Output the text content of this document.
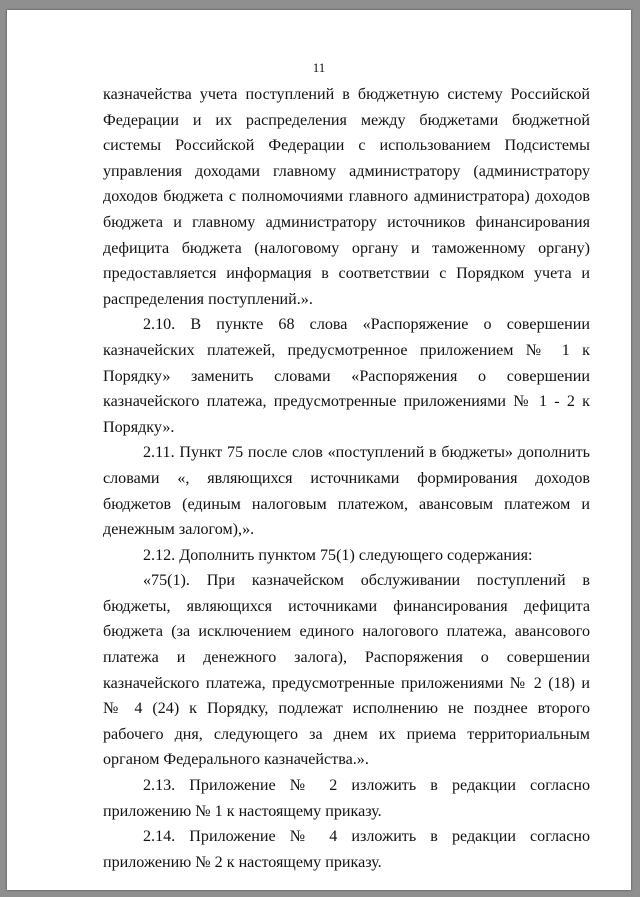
11

казначейства учета поступлений в бюджетную систему Российской Федерации и их распределения между бюджетами бюджетной системы Российской Федерации с использованием Подсистемы управления доходами главному администратору (администратору доходов бюджета с полномочиями главного администратора) доходов бюджета и главному администратору источников финансирования дефицита бюджета (налоговому органу и таможенному органу) предоставляется информация в соответствии с Порядком учета и распределения поступлений.».

2.10. В пункте 68 слова «Распоряжение о совершении казначейских платежей, предусмотренное приложением № 1 к Порядку» заменить словами «Распоряжения о совершении казначейского платежа, предусмотренные приложениями № 1 - 2 к Порядку».

2.11. Пункт 75 после слов «поступлений в бюджеты» дополнить словами «, являющихся источниками формирования доходов бюджетов (единым налоговым платежом, авансовым платежом и денежным залогом),».

2.12. Дополнить пунктом 75(1) следующего содержания:

«75(1). При казначейском обслуживании поступлений в бюджеты, являющихся источниками финансирования дефицита бюджета (за исключением единого налогового платежа, авансового платежа и денежного залога), Распоряжения о совершении казначейского платежа, предусмотренные приложениями № 2 (18) и № 4 (24) к Порядку, подлежат исполнению не позднее второго рабочего дня, следующего за днем их приема территориальным органом Федерального казначейства.».

2.13. Приложение № 2 изложить в редакции согласно приложению № 1 к настоящему приказу.

2.14. Приложение № 4 изложить в редакции согласно приложению № 2 к настоящему приказу.
